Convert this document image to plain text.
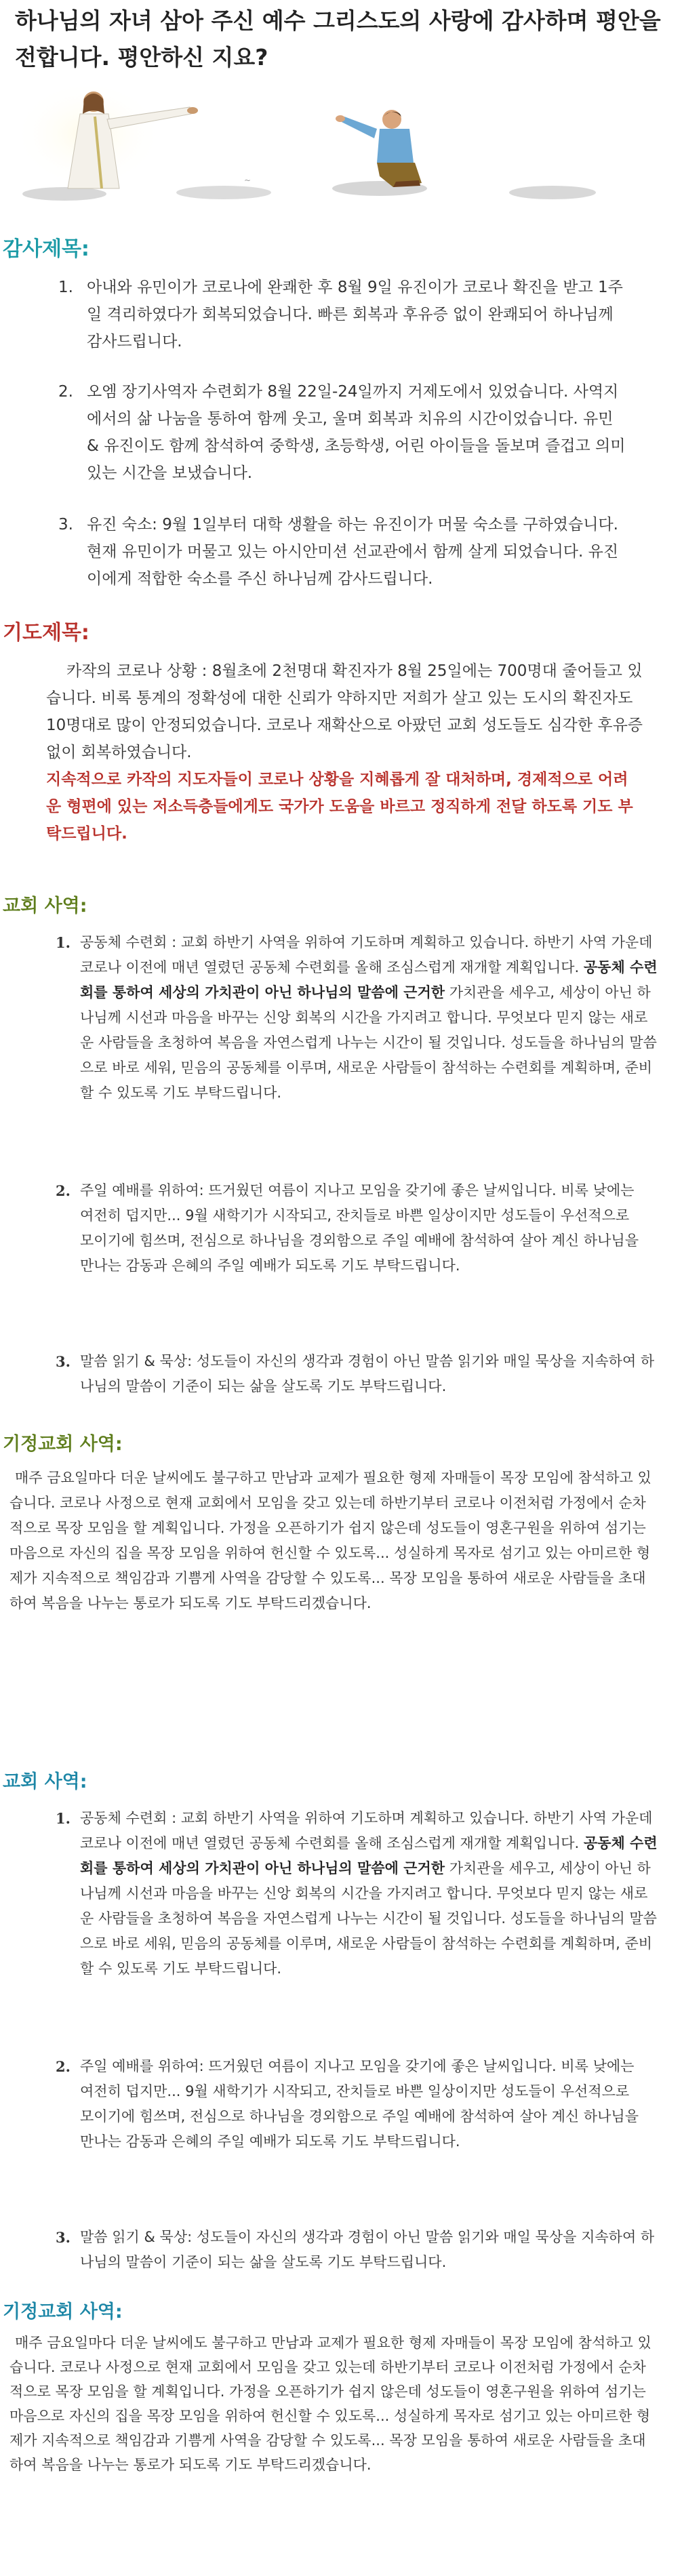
하나님의 자녀 삼아 주신 예수 그리스도의 사랑에 감사하며 평안을 전합니다. 평안하신 지요?
~
감사제목:
1. 아내와 유민이가 코로나에 완쾌한 후 8월 9일 유진이가 코로나 확진을 받고 1주일 격리하였다가 회복되었습니다. 빠른 회복과 후유증 없이 완쾌되어 하나님께 감사드립니다.
2. 오엠 장기사역자 수련회가 8월 22일-24일까지 거제도에서 있었습니다. 사역지에서의 삶 나눔을 통하여 함께 웃고, 울며 회복과 치유의 시간이었습니다. 유민 & 유진이도 함께 참석하여 중학생, 초등학생, 어린 아이들을 돌보며 즐겁고 의미 있는 시간을 보냈습니다.
3. 유진 숙소: 9월 1일부터 대학 생활을 하는 유진이가 머물 숙소를 구하였습니다. 현재 유민이가 머물고 있는 아시안미션 선교관에서 함께 살게 되었습니다. 유진이에게 적합한 숙소를 주신 하나님께 감사드립니다.
기도제목:
카작의 코로나 상황 : 8월초에 2천명대 확진자가 8월 25일에는 700명대 줄어들고 있습니다. 비록 통계의 정확성에 대한 신뢰가 약하지만 저희가 살고 있는 도시의 확진자도 10명대로 많이 안정되었습니다. 코로나 재확산으로 아팠던 교회 성도들도 심각한 후유증 없이 회복하였습니다.
지속적으로 카작의 지도자들이 코로나 상황을 지혜롭게 잘 대처하며, 경제적으로 어려운 형편에 있는 저소득층들에게도 국가가 도움을 바르고 정직하게 전달 하도록 기도 부탁드립니다.
교회 사역:
1. 공동체 수련회 : 교회 하반기 사역을 위하여 기도하며 계획하고 있습니다. 하반기 사역 가운데 코로나 이전에 매년 열렸던 공동체 수련회를 올해 조심스럽게 재개할 계획입니다. 공동체 수련회를 통하여 세상의 가치관이 아닌 하나님의 말씀에 근거한 가치관을 세우고, 세상이 아닌 하나님께 시선과 마음을 바꾸는 신앙 회복의 시간을 가지려고 합니다. 무엇보다 믿지 않는 새로운 사람들을 초청하여 복음을 자연스럽게 나누는 시간이 될 것입니다. 성도들을 하나님의 말씀으로 바로 세워, 믿음의 공동체를 이루며, 새로운 사람들이 참석하는 수련회를 계획하며, 준비할 수 있도록 기도 부탁드립니다.
2. 주일 예배를 위하여: 뜨거웠던 여름이 지나고 모임을 갖기에 좋은 날씨입니다. 비록 낮에는 여전히 덥지만... 9월 새학기가 시작되고, 잔치들로 바쁜 일상이지만 성도들이 우선적으로 모이기에 힘쓰며, 전심으로 하나님을 경외함으로 주일 예배에 참석하여 살아 계신 하나님을 만나는 감동과 은혜의 주일 예배가 되도록 기도 부탁드립니다.
3. 말씀 읽기 & 묵상: 성도들이 자신의 생각과 경험이 아닌 말씀 읽기와 매일 묵상을 지속하여 하나님의 말씀이 기준이 되는 삶을 살도록 기도 부탁드립니다.
기정교회 사역:
매주 금요일마다 더운 날씨에도 불구하고 만남과 교제가 필요한 형제 자매들이 목장 모임에 참석하고 있습니다. 코로나 사정으로 현재 교회에서 모임을 갖고 있는데 하반기부터 코로나 이전처럼 가정에서 순차적으로 목장 모임을 할 계획입니다. 가정을 오픈하기가 쉽지 않은데 성도들이 영혼구원을 위하여 섬기는 마음으로 자신의 집을 목장 모임을 위하여 헌신할 수 있도록... 성실하게 목자로 섬기고 있는 아미르한 형제가 지속적으로 책임감과 기쁨게 사역을 감당할 수 있도록... 목장 모임을 통하여 새로운 사람들을 초대하여 복음을 나누는 통로가 되도록 기도 부탁드리겠습니다.
교회 사역:
1. 공동체 수련회 : 교회 하반기 사역을 위하여 기도하며 계획하고 있습니다. 하반기 사역 가운데 코로나 이전에 매년 열렸던 공동체 수련회를 올해 조심스럽게 재개할 계획입니다. 공동체 수련회를 통하여 세상의 가치관이 아닌 하나님의 말씀에 근거한 가치관을 세우고, 세상이 아닌 하나님께 시선과 마음을 바꾸는 신앙 회복의 시간을 가지려고 합니다. 무엇보다 믿지 않는 새로운 사람들을 초청하여 복음을 자연스럽게 나누는 시간이 될 것입니다. 성도들을 하나님의 말씀으로 바로 세워, 믿음의 공동체를 이루며, 새로운 사람들이 참석하는 수련회를 계획하며, 준비할 수 있도록 기도 부탁드립니다.
2. 주일 예배를 위하여: 뜨거웠던 여름이 지나고 모임을 갖기에 좋은 날씨입니다. 비록 낮에는 여전히 덥지만... 9월 새학기가 시작되고, 잔치들로 바쁜 일상이지만 성도들이 우선적으로 모이기에 힘쓰며, 전심으로 하나님을 경외함으로 주일 예배에 참석하여 살아 계신 하나님을 만나는 감동과 은혜의 주일 예배가 되도록 기도 부탁드립니다.
3. 말씀 읽기 & 묵상: 성도들이 자신의 생각과 경험이 아닌 말씀 읽기와 매일 묵상을 지속하여 하나님의 말씀이 기준이 되는 삶을 살도록 기도 부탁드립니다.
기정교회 사역:
매주 금요일마다 더운 날씨에도 불구하고 만남과 교제가 필요한 형제 자매들이 목장 모임에 참석하고 있습니다. 코로나 사정으로 현재 교회에서 모임을 갖고 있는데 하반기부터 코로나 이전처럼 가정에서 순차적으로 목장 모임을 할 계획입니다. 가정을 오픈하기가 쉽지 않은데 성도들이 영혼구원을 위하여 섬기는 마음으로 자신의 집을 목장 모임을 위하여 헌신할 수 있도록... 성실하게 목자로 섬기고 있는 아미르한 형제가 지속적으로 책임감과 기쁨게 사역을 감당할 수 있도록... 목장 모임을 통하여 새로운 사람들을 초대하여 복음을 나누는 통로가 되도록 기도 부탁드리겠습니다.
